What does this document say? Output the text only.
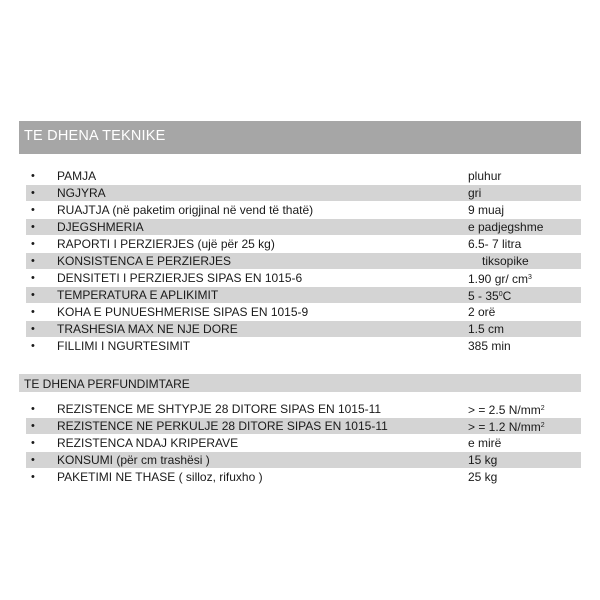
TE DHENA TEKNIKE
• PAMJA	pluhur
• NGJYRA	gri
• RUAJTJA (në paketim origjinal në vend të thatë)	9 muaj
• DJEGSHMERIA	e padjegshme
• RAPORTI I PERZIERJES (ujë për 25 kg)	6.5- 7 litra
• KONSISTENCA E PERZIERJES	tiksopike
• DENSITETI I PERZIERJES SIPAS EN 1015-6	1.90 gr/ $cm^3$
• TEMPERATURA E APLIKIMIT	$5 - 35^0C$
• KOHA E PUNUESHMERISE SIPAS EN 1015-9	2 orë
• TRASHESIA MAX NE NJE DORE	1.5 cm
• FILLIMI I NGURTESIMIT	385 min
TE DHENA PERFUNDIMTARE
• REZISTENCE ME SHTYPJE 28 DITORE SIPAS EN 1015-11	> = 2.5 $N/mm^2$
• REZISTENCE NE PERKULJE 28 DITORE SIPAS EN 1015-11	> = 1.2 $N/mm^2$
• REZISTENCA NDAJ KRIPERAVE	e mirë
• KONSUMI (për cm trashësi )	15 kg
• PAKETIMI NE THASE ( silloz, rifuxho )	25 kg
